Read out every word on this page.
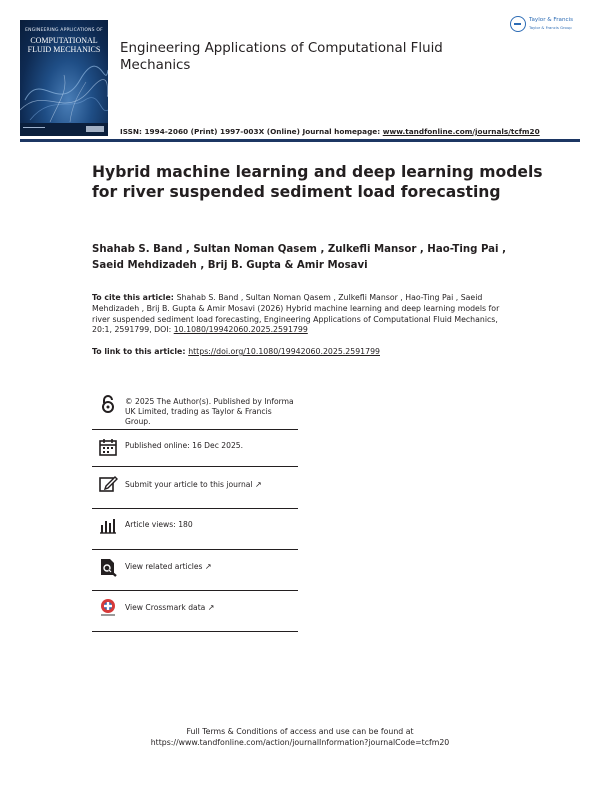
ENGINEERING APPLICATIONS OF
COMPUTATIONAL FLUID MECHANICS	Engineering Applications of Computational Fluid Mechanics
Taylor & Francis
Taylor & Francis Group
ISSN: 1994-2060 (Print) 1997-003X (Online) Journal homepage: www.tandfonline.com/journals/tcfm20
Hybrid machine learning and deep learning models for river suspended sediment load forecasting
Shahab S. Band , Sultan Noman Qasem , Zulkefli Mansor , Hao-Ting Pai , Saeid Mehdizadeh , Brij B. Gupta & Amir Mosavi
To cite this article: Shahab S. Band , Sultan Noman Qasem , Zulkefli Mansor , Hao-Ting Pai , Saeid Mehdizadeh , Brij B. Gupta & Amir Mosavi (2026) Hybrid machine learning and deep learning models for river suspended sediment load forecasting, Engineering Applications of Computational Fluid Mechanics, 20:1, 2591799, DOI: 10.1080/19942060.2025.2591799
To link to this article: https://doi.org/10.1080/19942060.2025.2591799
© 2025 The Author(s). Published by Informa UK Limited, trading as Taylor & Francis Group.
Published online: 16 Dec 2025.
Submit your article to this journal ↗
Article views: 180
View related articles ↗
View Crossmark data ↗
Full Terms & Conditions of access and use can be found at
https://www.tandfonline.com/action/journalInformation?journalCode=tcfm20
